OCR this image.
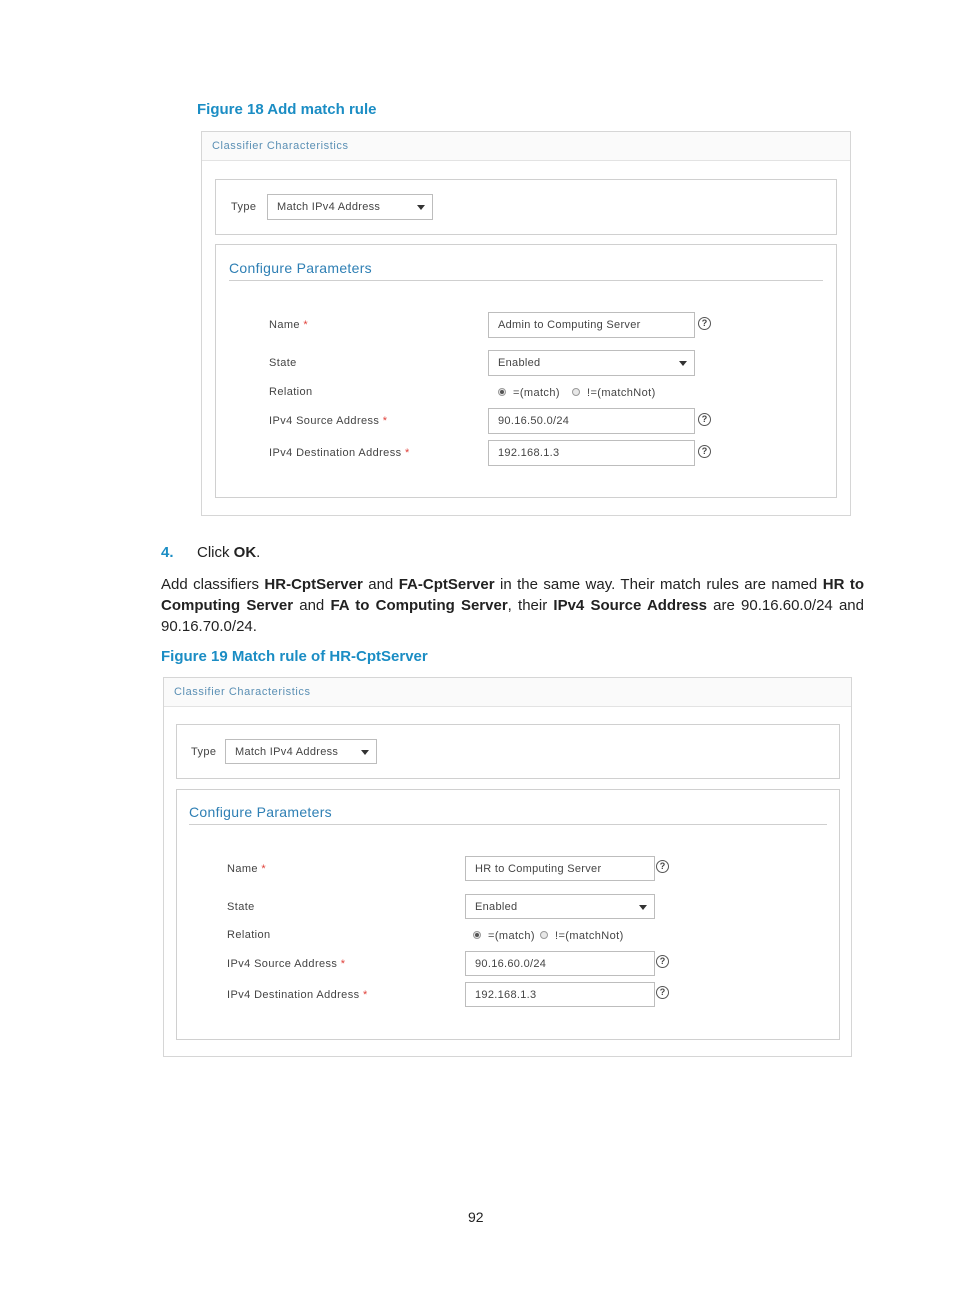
Figure 18 Add match rule
Classifier Characteristics
Type Match IPv4 Address
Configure Parameters
Name *	Admin to Computing Server	?
State	Enabled
Relation	=(match) !=(matchNot)
IPv4 Source Address *	90.16.50.0/24	?
IPv4 Destination Address *	192.168.1.3	?
4. Click OK.
Add classifiers HR-CptServer and FA-CptServer in the same way. Their match rules are named HR to Computing Server and FA to Computing Server, their IPv4 Source Address are 90.16.60.0/24 and 90.16.70.0/24.
Figure 19 Match rule of HR-CptServer
Classifier Characteristics
Type Match IPv4 Address
Configure Parameters
Name *	HR to Computing Server	?
State	Enabled
Relation	=(match) !=(matchNot)
IPv4 Source Address *	90.16.60.0/24	?
IPv4 Destination Address *	192.168.1.3	?
92
